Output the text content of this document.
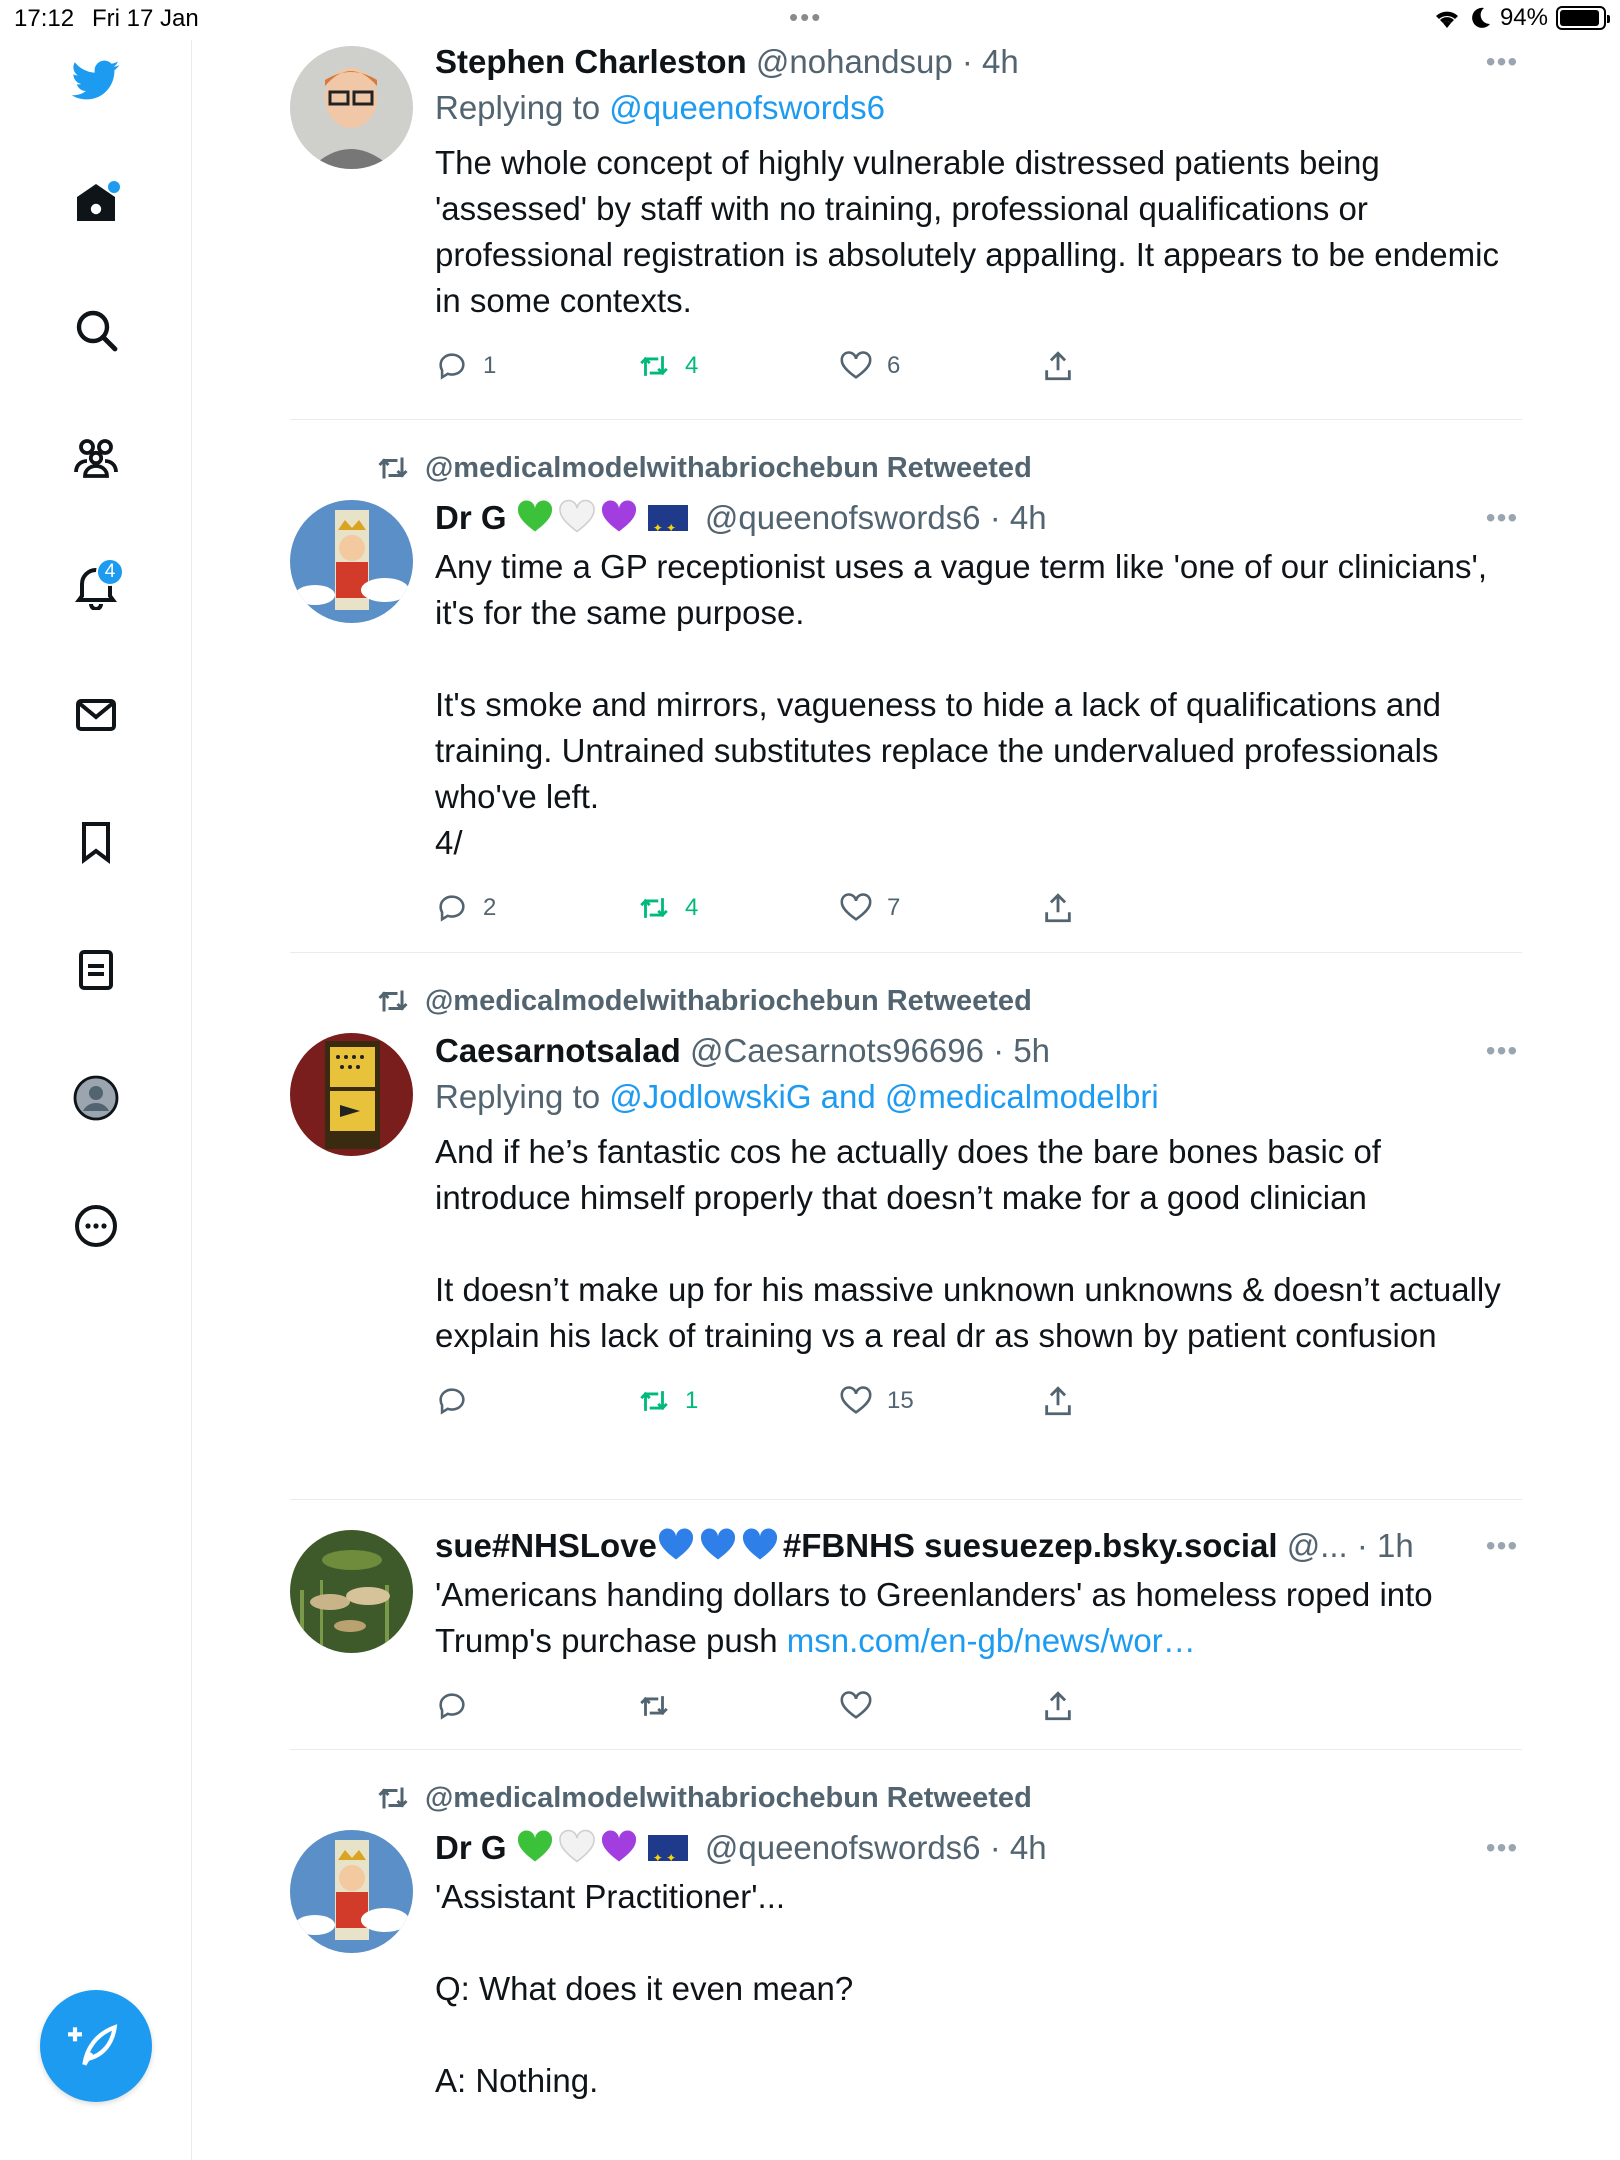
17:12 Fri 17 Jan	•••	94%
4
•••
Stephen Charleston @nohandsup · 4h
Replying to @queenofswords6
The whole concept of highly vulnerable distressed patients being 'assessed' by staff with no training, professional qualifications or professional registration is absolutely appalling. It appears to be endemic in some contexts.
1	4	6
@medicalmodelwithabriochebun Retweeted
•••
Dr G ✦ ✦	@queenofswords6 · 4h
Any time a GP receptionist uses a vague term like 'one of our clinicians', it's for the same purpose.

It's smoke and mirrors, vagueness to hide a lack of qualifications and training. Untrained substitutes replace the undervalued professionals who've left.
4/
2	4	7
@medicalmodelwithabriochebun Retweeted
•••
Caesarnotsalad @Caesarnots96696 · 5h
Replying to @JodlowskiG and @medicalmodelbri
And if he’s fantastic cos he actually does the bare bones basic of introduce himself properly that doesn’t make for a good clinician

It doesn’t make up for his massive unknown unknowns & doesn’t actually explain his lack of training vs a real dr as shown by patient confusion
1	15
•••
sue#NHSLove	#FBNHS suesuezep.bsky.social @... · 1h
'Americans handing dollars to Greenlanders' as homeless roped into Trump's purchase push msn.com/en-gb/news/wor…
@medicalmodelwithabriochebun Retweeted
•••
Dr G ✦ ✦	@queenofswords6 · 4h
'Assistant Practitioner'...

Q: What does it even mean?

A: Nothing.
